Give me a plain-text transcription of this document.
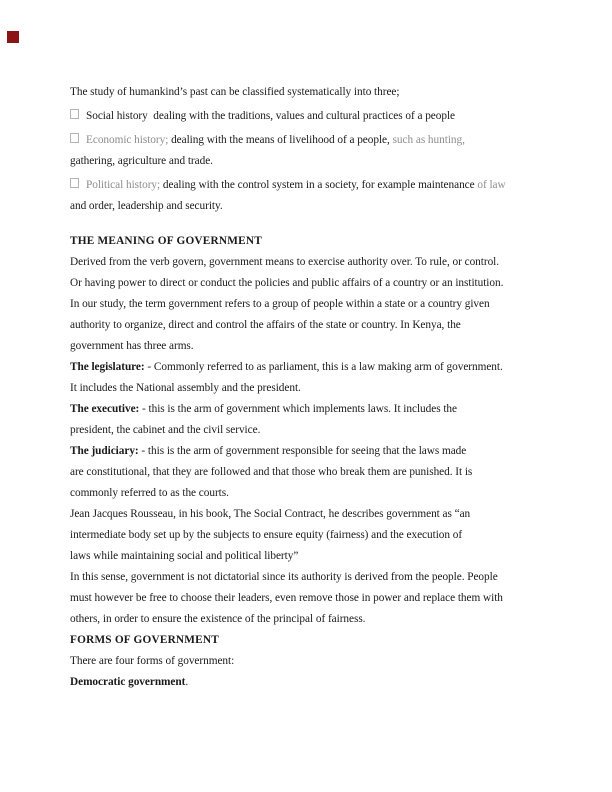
The study of humankind’s past can be classified systematically into three;
Social history  dealing with the traditions, values and cultural practices of a people
Economic history; dealing with the means of livelihood of a people, such as hunting,
gathering, agriculture and trade.
Political history; dealing with the control system in a society, for example maintenance of law
and order, leadership and security.
THE MEANING OF GOVERNMENT
Derived from the verb govern, government means to exercise authority over. To rule, or control.
Or having power to direct or conduct the policies and public affairs of a country or an institution.
In our study, the term government refers to a group of people within a state or a country given
authority to organize, direct and control the affairs of the state or country. In Kenya, the
government has three arms.
The legislature: - Commonly referred to as parliament, this is a law making arm of government.
It includes the National assembly and the president.
The executive: - this is the arm of government which implements laws. It includes the
president, the cabinet and the civil service.
The judiciary: - this is the arm of government responsible for seeing that the laws made
are constitutional, that they are followed and that those who break them are punished. It is
commonly referred to as the courts.
Jean Jacques Rousseau, in his book, The Social Contract, he describes government as “an
intermediate body set up by the subjects to ensure equity (fairness) and the execution of
laws while maintaining social and political liberty”
In this sense, government is not dictatorial since its authority is derived from the people. People
must however be free to choose their leaders, even remove those in power and replace them with
others, in order to ensure the existence of the principal of fairness.
FORMS OF GOVERNMENT
There are four forms of government:
Democratic government.
